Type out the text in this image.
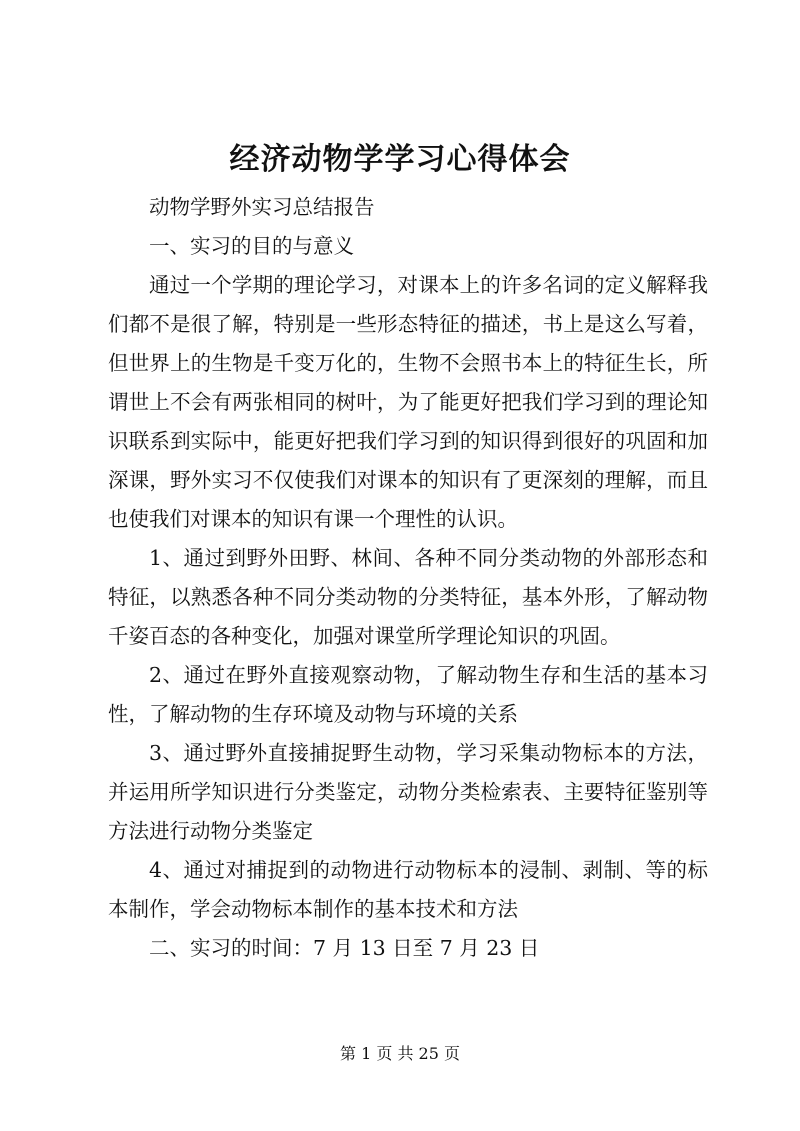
经济动物学学习心得体会

动物学野外实习总结报告

一、实习的目的与意义

通过一个学期的理论学习，对课本上的许多名词的定义解释我们都不是很了解，特别是一些形态特征的描述，书上是这么写着，但世界上的生物是千变万化的，生物不会照书本上的特征生长，所谓世上不会有两张相同的树叶，为了能更好把我们学习到的理论知识联系到实际中，能更好把我们学习到的知识得到很好的巩固和加深课，野外实习不仅使我们对课本的知识有了更深刻的理解，而且也使我们对课本的知识有课一个理性的认识。

1、通过到野外田野、林间、各种不同分类动物的外部形态和特征，以熟悉各种不同分类动物的分类特征，基本外形，了解动物千姿百态的各种变化，加强对课堂所学理论知识的巩固。

2、通过在野外直接观察动物，了解动物生存和生活的基本习性，了解动物的生存环境及动物与环境的关系

3、通过野外直接捕捉野生动物，学习采集动物标本的方法，并运用所学知识进行分类鉴定，动物分类检索表、主要特征鉴别等方法进行动物分类鉴定

4、通过对捕捉到的动物进行动物标本的浸制、剥制、等的标本制作，学会动物标本制作的基本技术和方法

二、实习的时间：7 月 13 日至 7 月 23 日

第 1 页 共 25 页
